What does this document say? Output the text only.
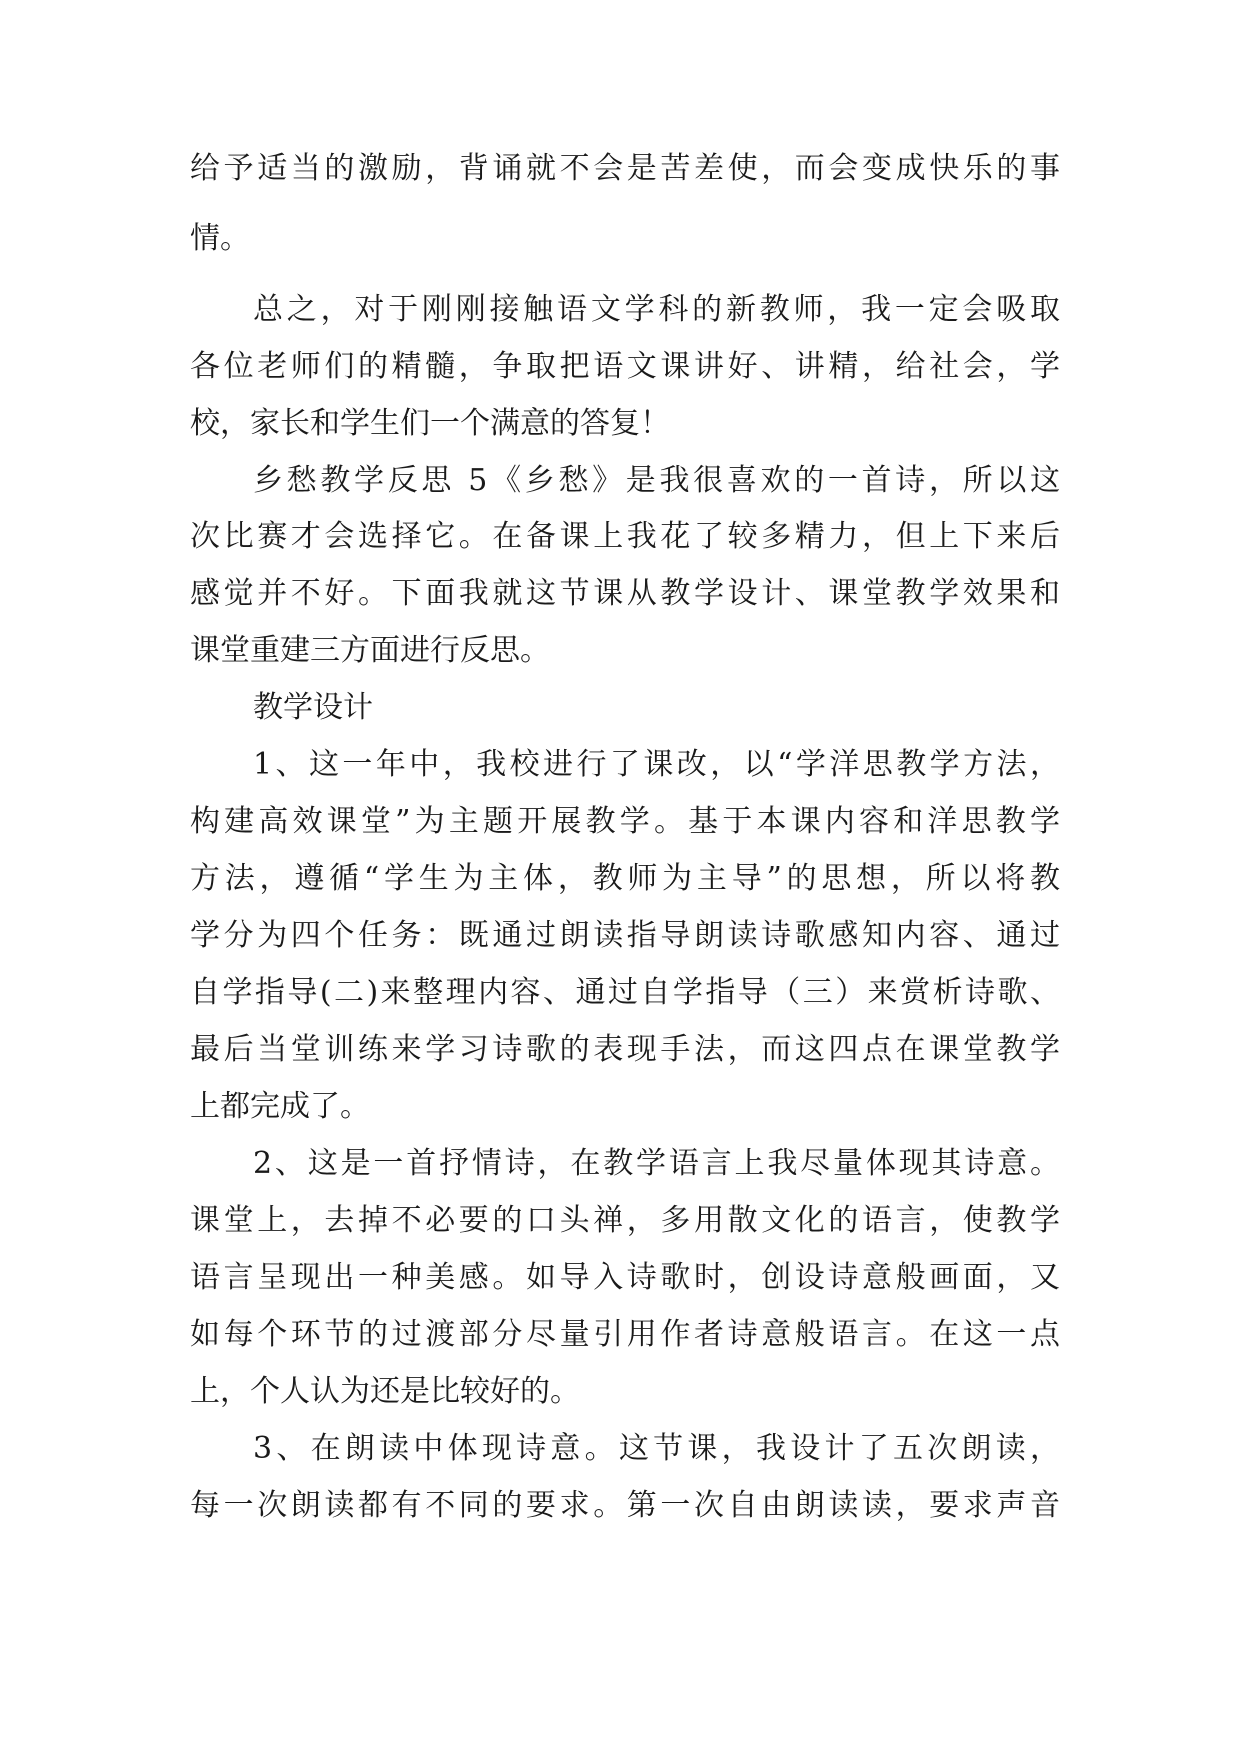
给予适当的激励，背诵就不会是苦差使，而会变成快乐的事
情。
总之，对于刚刚接触语文学科的新教师，我一定会吸取
各位老师们的精髓，争取把语文课讲好、讲精，给社会，学
校，家长和学生们一个满意的答复！
乡愁教学反思 5《乡愁》是我很喜欢的一首诗，所以这
次比赛才会选择它。在备课上我花了较多精力，但上下来后
感觉并不好。下面我就这节课从教学设计、课堂教学效果和
课堂重建三方面进行反思。
教学设计
1、这一年中，我校进行了课改，以“学洋思教学方法，
构建高效课堂”为主题开展教学。基于本课内容和洋思教学
方法，遵循“学生为主体，教师为主导”的思想，所以将教
学分为四个任务：既通过朗读指导朗读诗歌感知内容、通过
自学指导(二)来整理内容、通过自学指导（三）来赏析诗歌、
最后当堂训练来学习诗歌的表现手法，而这四点在课堂教学
上都完成了。
2、这是一首抒情诗，在教学语言上我尽量体现其诗意。
课堂上，去掉不必要的口头禅，多用散文化的语言，使教学
语言呈现出一种美感。如导入诗歌时，创设诗意般画面，又
如每个环节的过渡部分尽量引用作者诗意般语言。在这一点
上，个人认为还是比较好的。
3、在朗读中体现诗意。这节课，我设计了五次朗读，
每一次朗读都有不同的要求。第一次自由朗读读，要求声音
